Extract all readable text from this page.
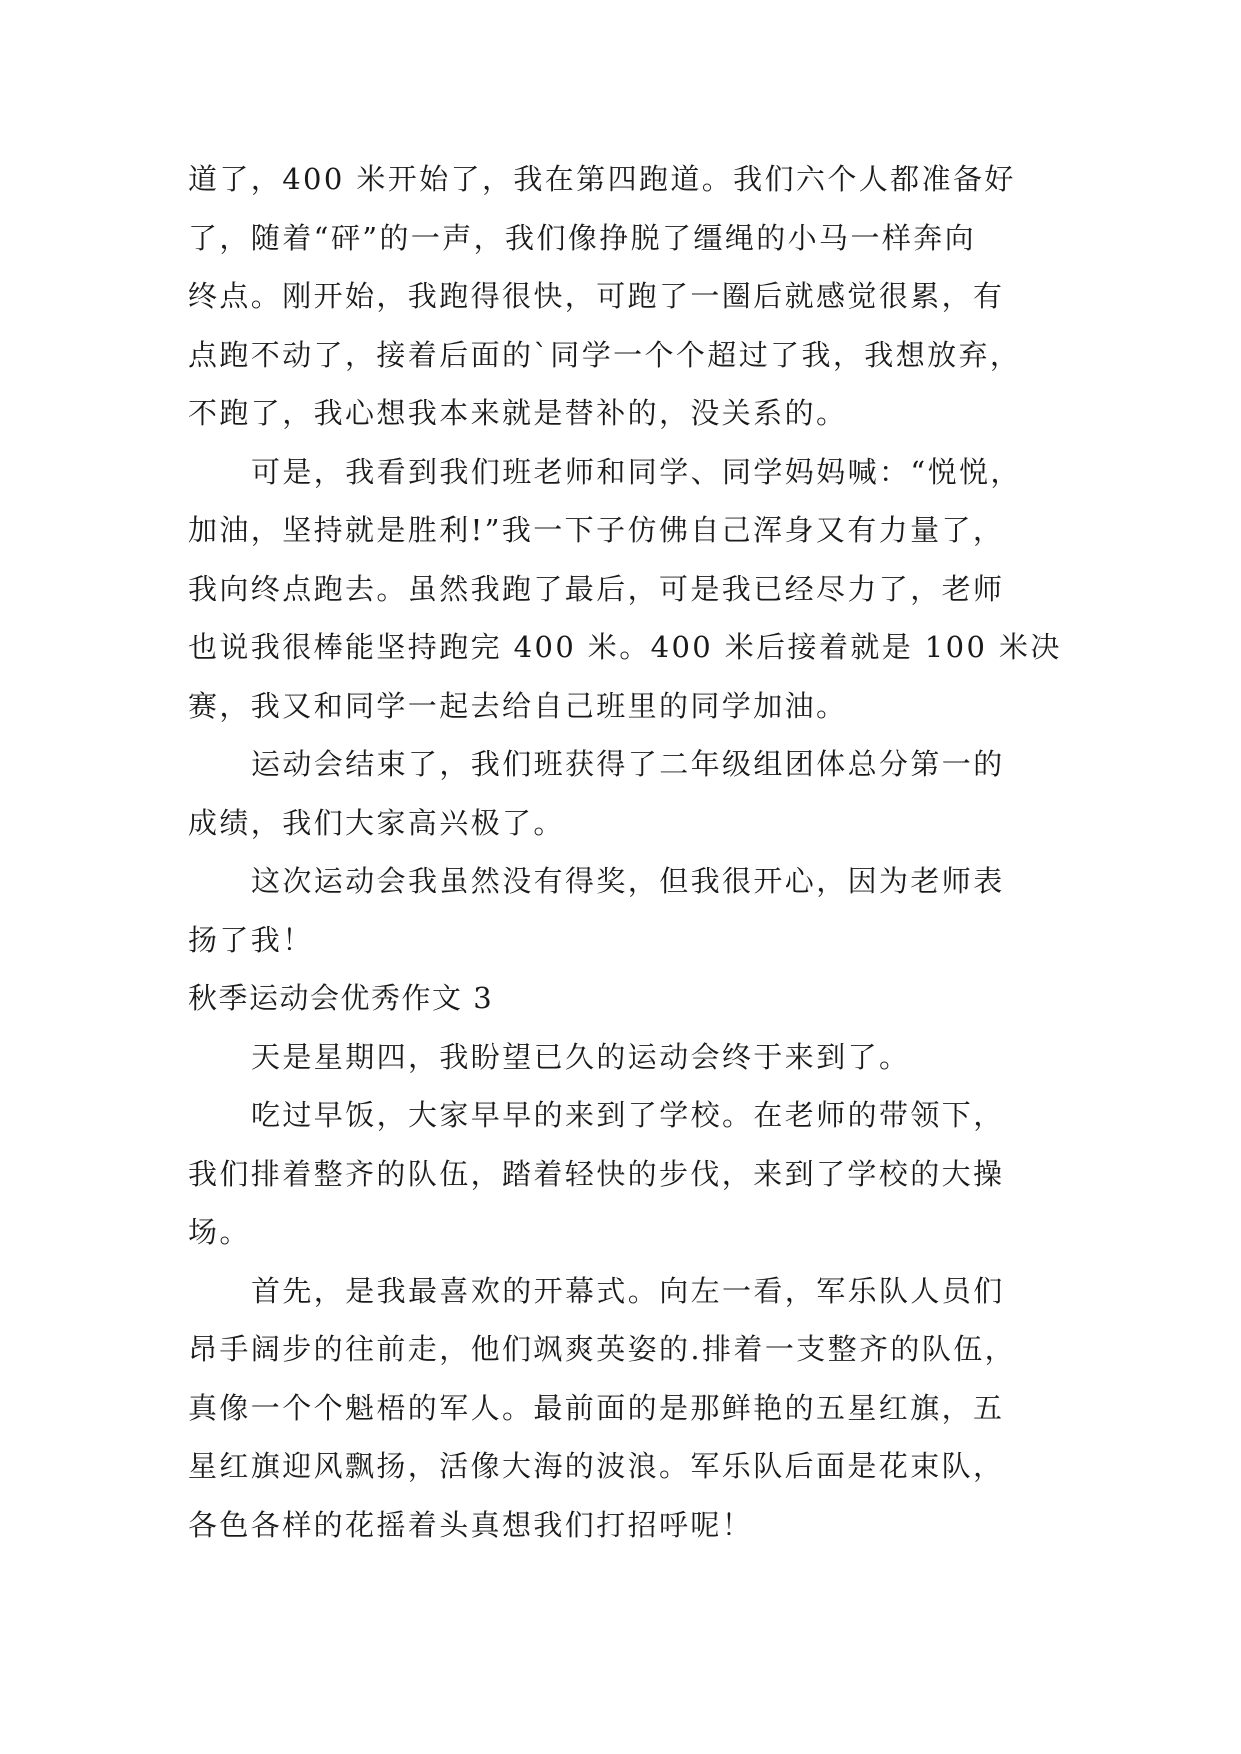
道了，400 米开始了，我在第四跑道。我们六个人都准备好
了，随着“砰”的一声，我们像挣脱了缰绳的小马一样奔向
终点。刚开始，我跑得很快，可跑了一圈后就感觉很累，有
点跑不动了，接着后面的`同学一个个超过了我，我想放弃，
不跑了，我心想我本来就是替补的，没关系的。
可是，我看到我们班老师和同学、同学妈妈喊：“悦悦，
加油，坚持就是胜利!”我一下子仿佛自己浑身又有力量了，
我向终点跑去。虽然我跑了最后，可是我已经尽力了，老师
也说我很棒能坚持跑完 400 米。400 米后接着就是 100 米决
赛，我又和同学一起去给自己班里的同学加油。
运动会结束了，我们班获得了二年级组团体总分第一的
成绩，我们大家高兴极了。
这次运动会我虽然没有得奖，但我很开心，因为老师表
扬了我！
秋季运动会优秀作文 3
天是星期四，我盼望已久的运动会终于来到了。
吃过早饭，大家早早的来到了学校。在老师的带领下，
我们排着整齐的队伍，踏着轻快的步伐，来到了学校的大操
场。
首先，是我最喜欢的开幕式。向左一看，军乐队人员们
昂手阔步的往前走，他们飒爽英姿的.排着一支整齐的队伍，
真像一个个魁梧的军人。最前面的是那鲜艳的五星红旗，五
星红旗迎风飘扬，活像大海的波浪。军乐队后面是花束队，
各色各样的花摇着头真想我们打招呼呢！
